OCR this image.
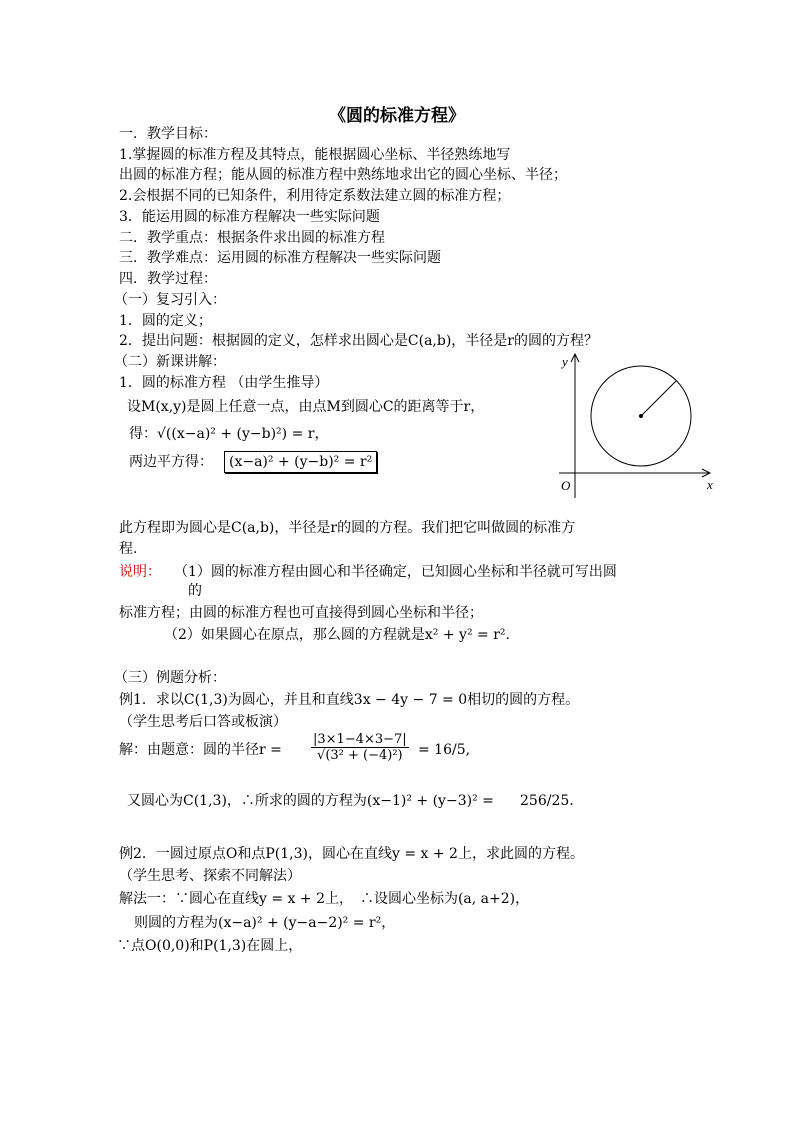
《圆的标准方程》
一．教学目标：
1.掌握圆的标准方程及其特点，能根据圆心坐标、半径熟练地写
出圆的标准方程；能从圆的标准方程中熟练地求出它的圆心坐标、半径；
2.会根据不同的已知条件，利用待定系数法建立圆的标准方程；
3．能运用圆的标准方程解决一些实际问题
二．教学重点：根据条件求出圆的标准方程
三．教学难点：运用圆的标准方程解决一些实际问题
四．教学过程：
（一）复习引入：
1．圆的定义；
2．提出问题：根据圆的定义，怎样求出圆心是C(a,b)，半径是r的圆的方程？
（二）新课讲解：
1．圆的标准方程 （由学生推导）
设M(x,y)是圆上任意一点，由点M到圆心C的距离等于r，
得：√((x−a)² + (y−b)²) = r，
两边平方得：	(x−a)² + (y−b)² = r²
y
x
O
此方程即为圆心是C(a,b)，半径是r的圆的方程。我们把它叫做圆的标准方
程.
说明： （1）圆的标准方程由圆心和半径确定，已知圆心坐标和半径就可写出圆
的
标准方程；由圆的标准方程也可直接得到圆心坐标和半径；
（2）如果圆心在原点，那么圆的方程就是x² + y² = r².
（三）例题分析：
例1．求以C(1,3)为圆心，并且和直线3x − 4y − 7 = 0相切的圆的方程。
（学生思考后口答或板演）
解：由题意：圆的半径$r = \frac{|3\times 1-4\times 3-7|}{\text{√(3² + (−4)²)}} = 16/5$,
又圆心为C(1,3)，∴所求的圆的方程为(x−1)² + (y−3)² = 256/25.
例2．一圆过原点O和点P(1,3)，圆心在直线y = x + 2上，求此圆的方程。
（学生思考、探索不同解法）
解法一：∵圆心在直线y = x + 2上，　∴设圆心坐标为(a, a+2)，
则圆的方程为(x−a)² + (y−a−2)² = r²，
∵点O(0,0)和P(1,3)在圆上，
